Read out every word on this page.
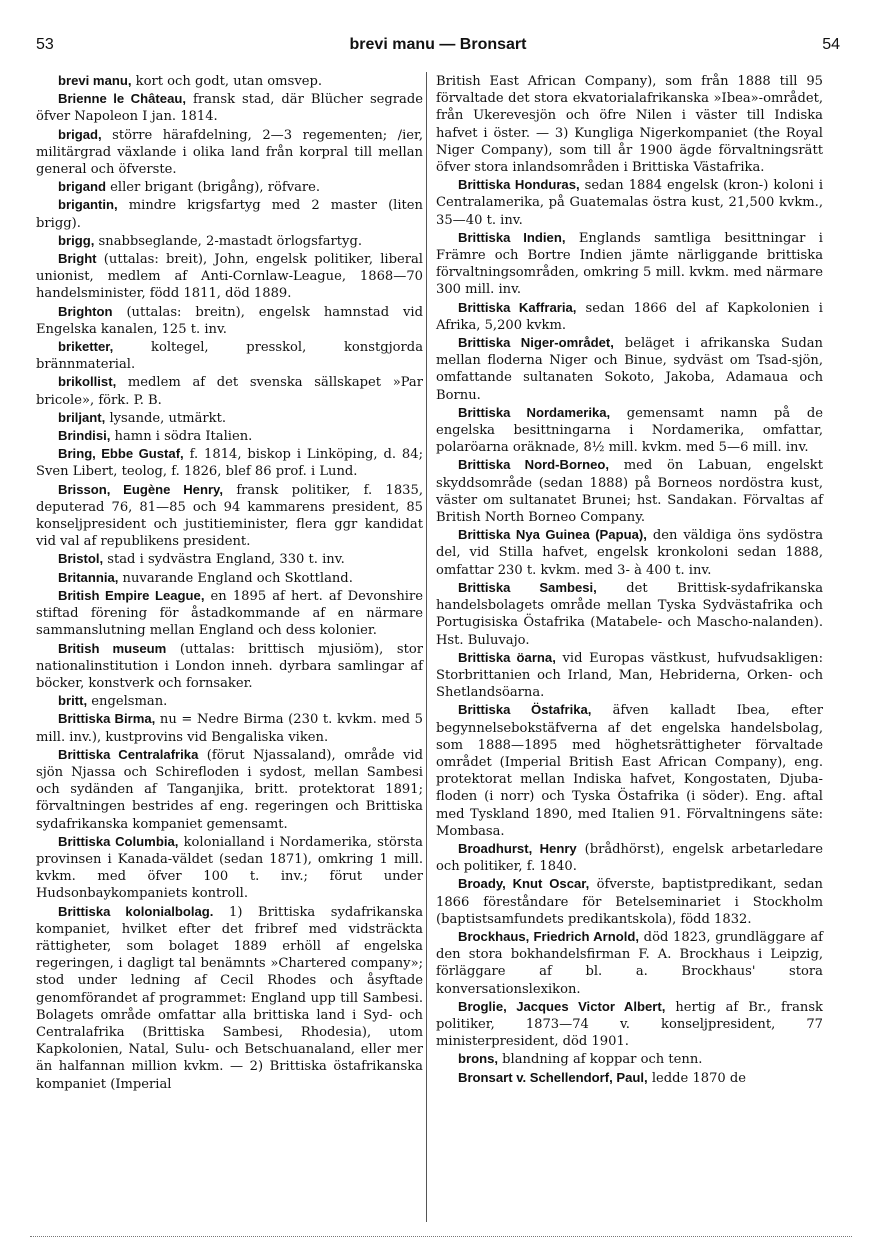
53	brevi manu — Bronsart	54

brevi manu, kort och godt, utan omsvep.

Brienne le Château, fransk stad, där Blücher segrade öfver Napoleon I jan. 1814.

brigad, större härafdelning, 2—3 regementen; /ier, militärgrad växlande i olika land från korpral till mellan general och öfverste.

brigand eller brigant (brigång), röfvare.

brigantin, mindre krigsfartyg med 2 master (liten brigg).

brigg, snabbseglande, 2-mastadt örlogsfartyg.

Bright (uttalas: breit), John, engelsk politiker, liberal unionist, medlem af Anti-Cornlaw-League, 1868—70 handelsminister, född 1811, död 1889.

Brighton (uttalas: breitn), engelsk hamnstad vid Engelska kanalen, 125 t. inv.

briketter, koltegel, presskol, konstgjorda brännmaterial.

brikollist, medlem af det svenska sällskapet »Par bricole», förk. P. B.

briljant, lysande, utmärkt.

Brindisi, hamn i södra Italien.

Bring, Ebbe Gustaf, f. 1814, biskop i Linköping, d. 84; Sven Libert, teolog, f. 1826, blef 86 prof. i Lund.

Brisson, Eugène Henry, fransk politiker, f. 1835, deputerad 76, 81—85 och 94 kammarens president, 85 konseljpresident och justitieminister, flera ggr kandidat vid val af republikens president.

Bristol, stad i sydvästra England, 330 t. inv.

Britannia, nuvarande England och Skottland.

British Empire League, en 1895 af hert. af Devonshire stiftad förening för åstadkommande af en närmare sammanslutning mellan England och dess kolonier.

British museum (uttalas: brittisch mjusiöm), stor nationalinstitution i London inneh. dyrbara samlingar af böcker, konstverk och fornsaker.

britt, engelsman.

Brittiska Birma, nu = Nedre Birma (230 t. kvkm. med 5 mill. inv.), kustprovins vid Bengaliska viken.

Brittiska Centralafrika (förut Njassaland), område vid sjön Njassa och Schirefloden i sydost, mellan Sambesi och sydänden af Tanganjika, britt. protektorat 1891; förvaltningen bestrides af eng. regeringen och Brittiska sydafrikanska kompaniet gemensamt.

Brittiska Columbia, kolonialland i Nordamerika, största provinsen i Kanada-väldet (sedan 1871), omkring 1 mill. kvkm. med öfver 100 t. inv.; förut under Hudsonbaykompaniets kontroll.

Brittiska kolonialbolag. 1) Brittiska sydafrikanska kompaniet, hvilket efter det fribref med vidsträckta rättigheter, som bolaget 1889 erhöll af engelska regeringen, i dagligt tal benämnts »Chartered company»; stod under ledning af Cecil Rhodes och åsyftade genomförandet af programmet: England upp till Sambesi. Bolagets område omfattar alla brittiska land i Syd- och Centralafrika (Brittiska Sambesi, Rhodesia), utom Kapkolonien, Natal, Sulu- och Betschuanaland, eller mer än halfannan million kvkm. — 2) Brittiska östafrikanska kompaniet (Imperial

British East African Company), som från 1888 till 95 förvaltade det stora ekvatorialafrikanska »Ibea»-området, från Ukerevesjön och öfre Nilen i väster till Indiska hafvet i öster. — 3) Kungliga Nigerkompaniet (the Royal Niger Company), som till år 1900 ägde förvaltningsrätt öfver stora inlandsområden i Brittiska Västafrika.

Brittiska Honduras, sedan 1884 engelsk (kron-) koloni i Centralamerika, på Guatemalas östra kust, 21,500 kvkm., 35—40 t. inv.

Brittiska Indien, Englands samtliga besittningar i Främre och Bortre Indien jämte närliggande brittiska förvaltningsområden, omkring 5 mill. kvkm. med närmare 300 mill. inv.

Brittiska Kaffraria, sedan 1866 del af Kapkolonien i Afrika, 5,200 kvkm.

Brittiska Niger-området, beläget i afrikanska Sudan mellan floderna Niger och Binue, sydväst om Tsad-sjön, omfattande sultanaten Sokoto, Jakoba, Adamaua och Bornu.

Brittiska Nordamerika, gemensamt namn på de engelska besittningarna i Nordamerika, omfattar, polaröarna oräknade, 8½ mill. kvkm. med 5—6 mill. inv.

Brittiska Nord-Borneo, med ön Labuan, engelskt skyddsområde (sedan 1888) på Borneos nordöstra kust, väster om sultanatet Brunei; hst. Sandakan. Förvaltas af British North Borneo Company.

Brittiska Nya Guinea (Papua), den väldiga öns sydöstra del, vid Stilla hafvet, engelsk kronkoloni sedan 1888, omfattar 230 t. kvkm. med 3- à 400 t. inv.

Brittiska Sambesi, det Brittisk-sydafrikanska handelsbolagets område mellan Tyska Sydvästafrika och Portugisiska Östafrika (Matabele- och Mascho-nalanden). Hst. Buluvajo.

Brittiska öarna, vid Europas västkust, hufvudsakligen: Storbrittanien och Irland, Man, Hebriderna, Orken- och Shetlandsöarna.

Brittiska Östafrika, äfven kalladt Ibea, efter begynnelsebokstäfverna af det engelska handelsbolag, som 1888—1895 med höghetsrättigheter förvaltade området (Imperial British East African Company), eng. protektorat mellan Indiska hafvet, Kongostaten, Djuba-floden (i norr) och Tyska Östafrika (i söder). Eng. aftal med Tyskland 1890, med Italien 91. Förvaltningens säte: Mombasa.

Broadhurst, Henry (brådhörst), engelsk arbetarledare och politiker, f. 1840.

Broady, Knut Oscar, öfverste, baptistpredikant, sedan 1866 föreståndare för Betelseminariet i Stockholm (baptistsamfundets predikantskola), född 1832.

Brockhaus, Friedrich Arnold, död 1823, grundläggare af den stora bokhandelsfirman F. A. Brockhaus i Leipzig, förläggare af bl. a. Brockhaus' stora konversationslexikon.

Broglie, Jacques Victor Albert, hertig af Br., fransk politiker, 1873—74 v. konseljpresident, 77 ministerpresident, död 1901.

brons, blandning af koppar och tenn.

Bronsart v. Schellendorf, Paul, ledde 1870 de
